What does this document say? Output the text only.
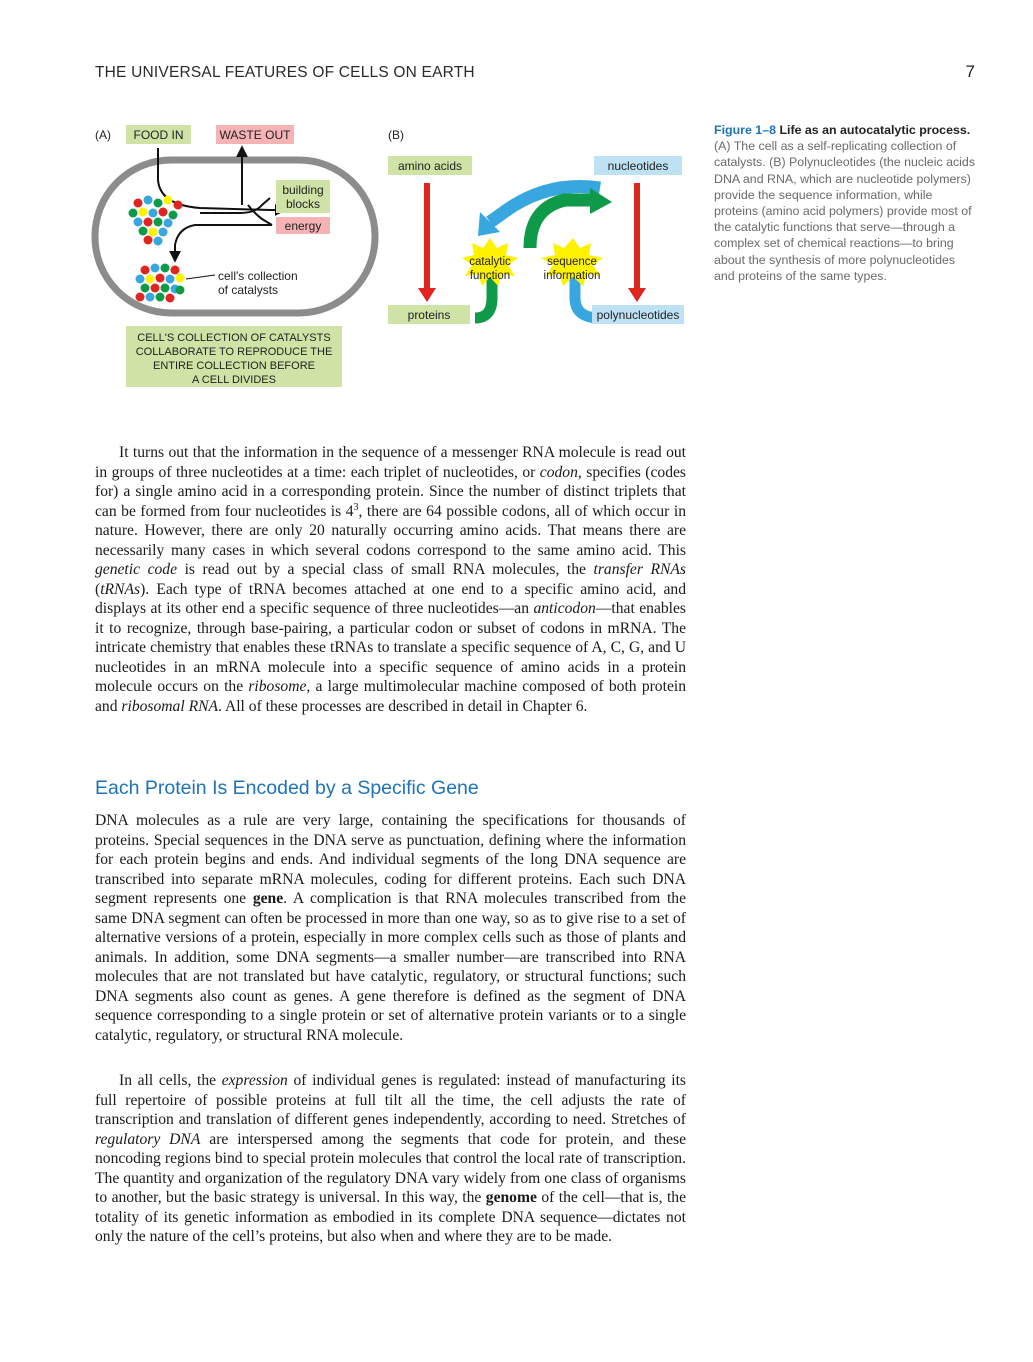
THE UNIVERSAL FEATURES OF CELLS ON EARTH	7
(A) FOOD IN	WASTE OUT
building
blocks
energy
cell's collection
of catalysts
CELL'S COLLECTION OF CATALYSTS
COLLABORATE TO REPRODUCE THE
ENTIRE COLLECTION BEFORE
A CELL DIVIDES
(B)
amino acids	nucleotides
catalytic
function
sequence
information
proteins	polynucleotides
Figure 1–8 Life as an autocatalytic process. (A) The cell as a self-replicating collection of catalysts. (B) Polynucleotides (the nucleic acids DNA and RNA, which are nucleotide polymers) provide the sequence information, while proteins (amino acid polymers) provide most of the catalytic functions that serve—through a complex set of chemical reactions—to bring about the synthesis of more polynucleotides and proteins of the same types.

It turns out that the information in the sequence of a messenger RNA molecule is read out in groups of three nucleotides at a time: each triplet of nucleotides, or codon, specifies (codes for) a single amino acid in a corresponding protein. Since the number of distinct triplets that can be formed from four nucleotides is $4^3$, there are 64 possible codons, all of which occur in nature. However, there are only 20 naturally occurring amino acids. That means there are necessarily many cases in which several codons correspond to the same amino acid. This genetic code is read out by a special class of small RNA molecules, the transfer RNAs (tRNAs). Each type of tRNA becomes attached at one end to a specific amino acid, and displays at its other end a specific sequence of three nucleotides—an anticodon—that enables it to recognize, through base-pairing, a particular codon or subset of codons in mRNA. The intricate chemistry that enables these tRNAs to translate a specific sequence of A, C, G, and U nucleotides in an mRNA molecule into a specific sequence of amino acids in a protein molecule occurs on the ribosome, a large multimolecular machine composed of both protein and ribosomal RNA. All of these processes are described in detail in Chapter 6.

Each Protein Is Encoded by a Specific Gene

DNA molecules as a rule are very large, containing the specifications for thousands of proteins. Special sequences in the DNA serve as punctuation, defining where the information for each protein begins and ends. And individual segments of the long DNA sequence are transcribed into separate mRNA molecules, coding for different proteins. Each such DNA segment represents one gene. A complication is that RNA molecules transcribed from the same DNA segment can often be processed in more than one way, so as to give rise to a set of alternative versions of a protein, especially in more complex cells such as those of plants and animals. In addition, some DNA segments—a smaller number—are transcribed into RNA molecules that are not translated but have catalytic, regulatory, or structural functions; such DNA segments also count as genes. A gene therefore is defined as the segment of DNA sequence corresponding to a single protein or set of alternative protein variants or to a single catalytic, regulatory, or structural RNA molecule.

In all cells, the expression of individual genes is regulated: instead of manufacturing its full repertoire of possible proteins at full tilt all the time, the cell adjusts the rate of transcription and translation of different genes independently, according to need. Stretches of regulatory DNA are interspersed among the segments that code for protein, and these noncoding regions bind to special protein molecules that control the local rate of transcription. The quantity and organization of the regulatory DNA vary widely from one class of organisms to another, but the basic strategy is universal. In this way, the genome of the cell—that is, the totality of its genetic information as embodied in its complete DNA sequence—dictates not only the nature of the cell’s proteins, but also when and where they are to be made.
